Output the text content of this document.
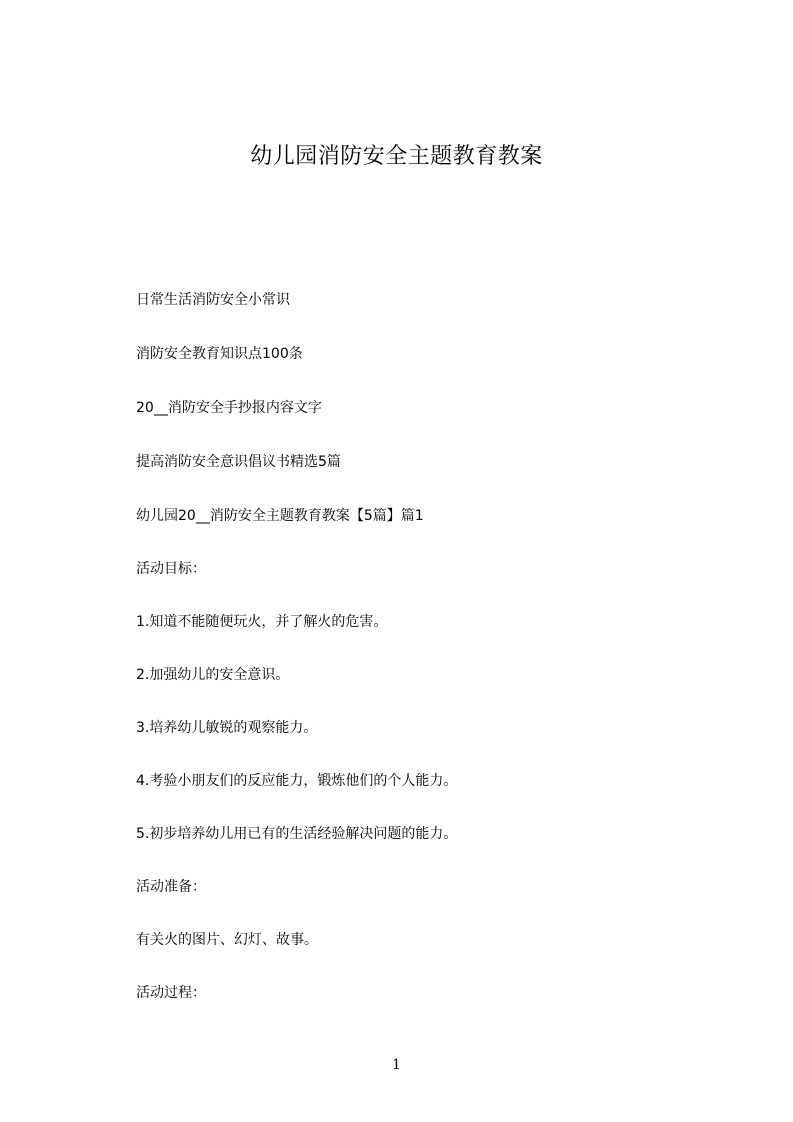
幼儿园消防安全主题教育教案

日常生活消防安全小常识

消防安全教育知识点100条

20__消防安全手抄报内容文字

提高消防安全意识倡议书精选5篇

幼儿园20__消防安全主题教育教案【5篇】篇1

活动目标：

1.知道不能随便玩火，并了解火的危害。

2.加强幼儿的安全意识。

3.培养幼儿敏锐的观察能力。

4.考验小朋友们的反应能力，锻炼他们的个人能力。

5.初步培养幼儿用已有的生活经验解决问题的能力。

活动准备：

有关火的图片、幻灯、故事。

活动过程：

1
